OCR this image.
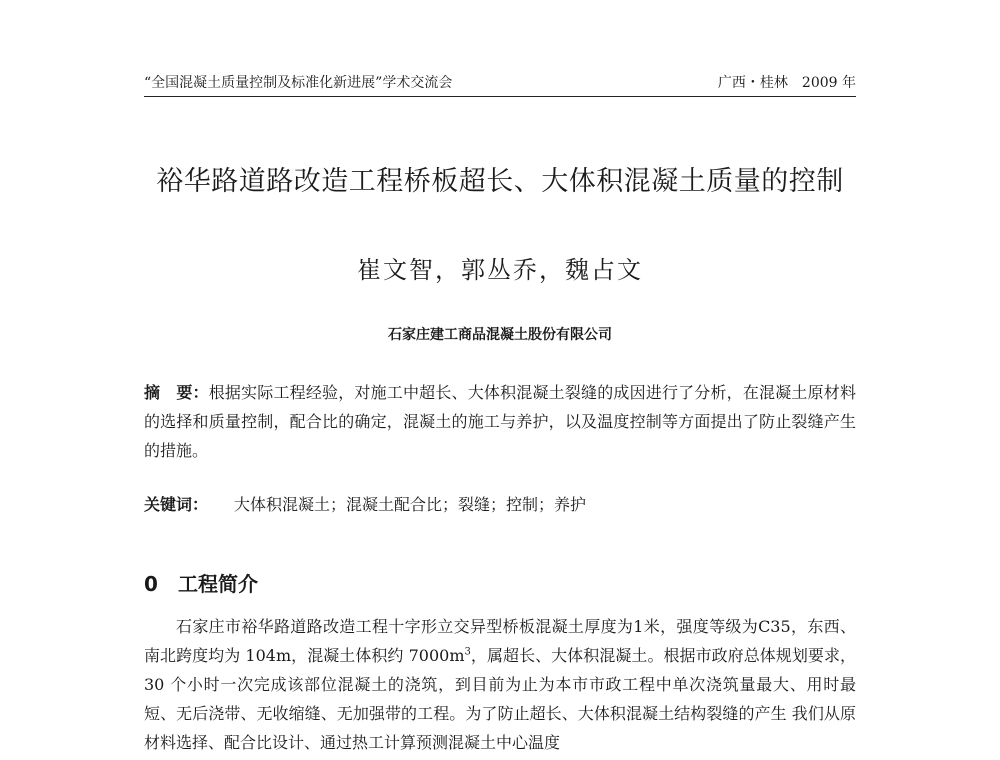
“全国混凝土质量控制及标准化新进展”学术交流会	广西・桂林　2009 年
裕华路道路改造工程桥板超长、大体积混凝土质量的控制
崔文智，郭丛乔，魏占文
石家庄建工商品混凝土股份有限公司
摘　要：根据实际工程经验，对施工中超长、大体积混凝土裂缝的成因进行了分析，在混凝土原材料的选择和质量控制，配合比的确定，混凝土的施工与养护，以及温度控制等方面提出了防止裂缝产生的措施。
关键词： 大体积混凝土；混凝土配合比；裂缝；控制；养护
0 工程简介
石家庄市裕华路道路改造工程十字形立交异型桥板混凝土厚度为1米，强度等级为C35，东西、南北跨度均为 104m，混凝土体积约 $7000m^3$，属超长、大体积混凝土。根据市政府总体规划要求，30 个小时一次完成该部位混凝土的浇筑，到目前为止为本市市政工程中单次浇筑量最大、用时最短、无后浇带、无收缩缝、无加强带的工程。为了防止超长、大体积混凝土结构裂缝的产生 我们从原材料选择、配合比设计、通过热工计算预测混凝土中心温度
